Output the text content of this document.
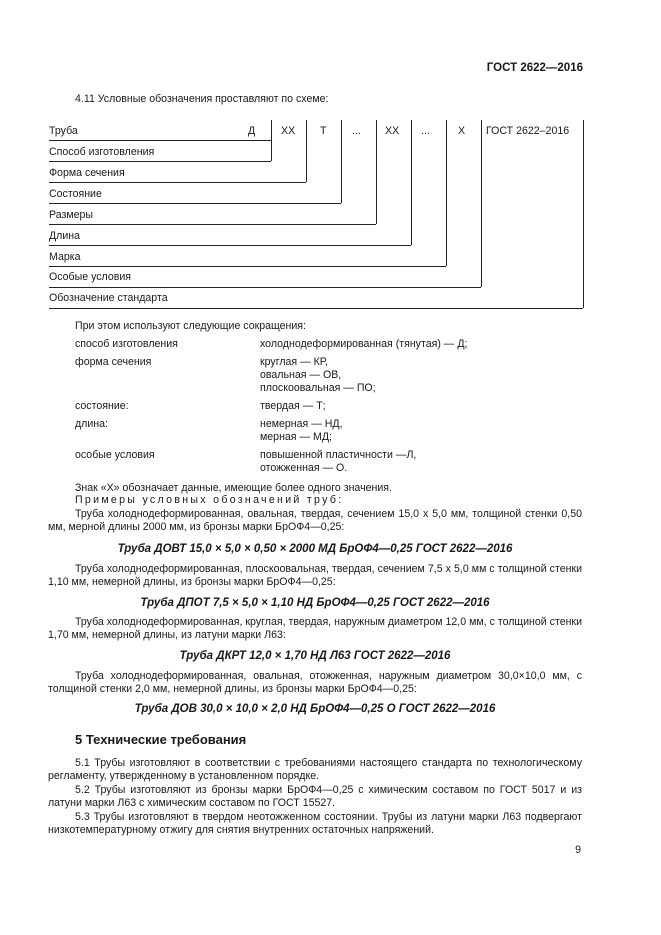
ГОСТ 2622—2016
4.11 Условные обозначения проставляют по схеме:
Труба	Д ХХ Т ... ХХ ...	Х ГОСТ 2622–2016
Способ изготовления
Форма сечения
Состояние
Размеры
Длина
Марка
Особые условия
Обозначение стандарта
При этом используют следующие сокращения:
способ изготовления	холоднодеформированная (тянутая) — Д;
форма сечения	круглая — КР,
овальная — ОВ,
плоскоовальная — ПО;
состояние:	твердая — Т;
длина:	немерная — НД,
мерная — МД;
особые условия	повышенной пластичности —Л,
отожженная — О.
Знак «Х» обозначает данные, имеющие более одного значения.
Примеры условных обозначений труб:
Труба холоднодеформированная, овальная, твердая, сечением 15,0 х 5,0 мм, толщиной стенки 0,50 мм, мерной длины 2000 мм, из бронзы марки БрОФ4—0,25:
Труба ДОВТ 15,0 × 5,0 × 0,50 × 2000 МД БрОФ4—0,25 ГОСТ 2622—2016
Труба холоднодеформированная, плоскоовальная, твердая, сечением 7,5 х 5,0 мм с толщиной стенки 1,10 мм, немерной длины, из бронзы марки БрОФ4—0,25:
Труба ДПОТ 7,5 × 5,0 × 1,10 НД БрОФ4—0,25 ГОСТ 2622—2016
Труба холоднодеформированная, круглая, твердая, наружным диаметром 12,0 мм, с толщиной стенки 1,70 мм, немерной длины, из латуни марки Л63:
Труба ДКРТ 12,0 × 1,70 НД Л63 ГОСТ 2622—2016
Труба холоднодеформированная, овальная, отожженная, наружным диаметром 30,0×10,0 мм, с толщиной стенки 2,0 мм, немерной длины, из бронзы марки БрОФ4—0,25:
Труба ДОВ 30,0 × 10,0 × 2,0 НД БрОФ4—0,25 О ГОСТ 2622—2016
5 Технические требования
5.1 Трубы изготовляют в соответствии с требованиями настоящего стандарта по технологическому регламенту, утвержденному в установленном порядке.
5.2 Трубы изготовляют из бронзы марки БрОФ4—0,25 с химическим составом по ГОСТ 5017 и из латуни марки Л63 с химическим составом по ГОСТ 15527.
5.3 Трубы изготовляют в твердом неотожженном состоянии. Трубы из латуни марки Л63 подвергают низкотемпературному отжигу для снятия внутренних остаточных напряжений.
9
